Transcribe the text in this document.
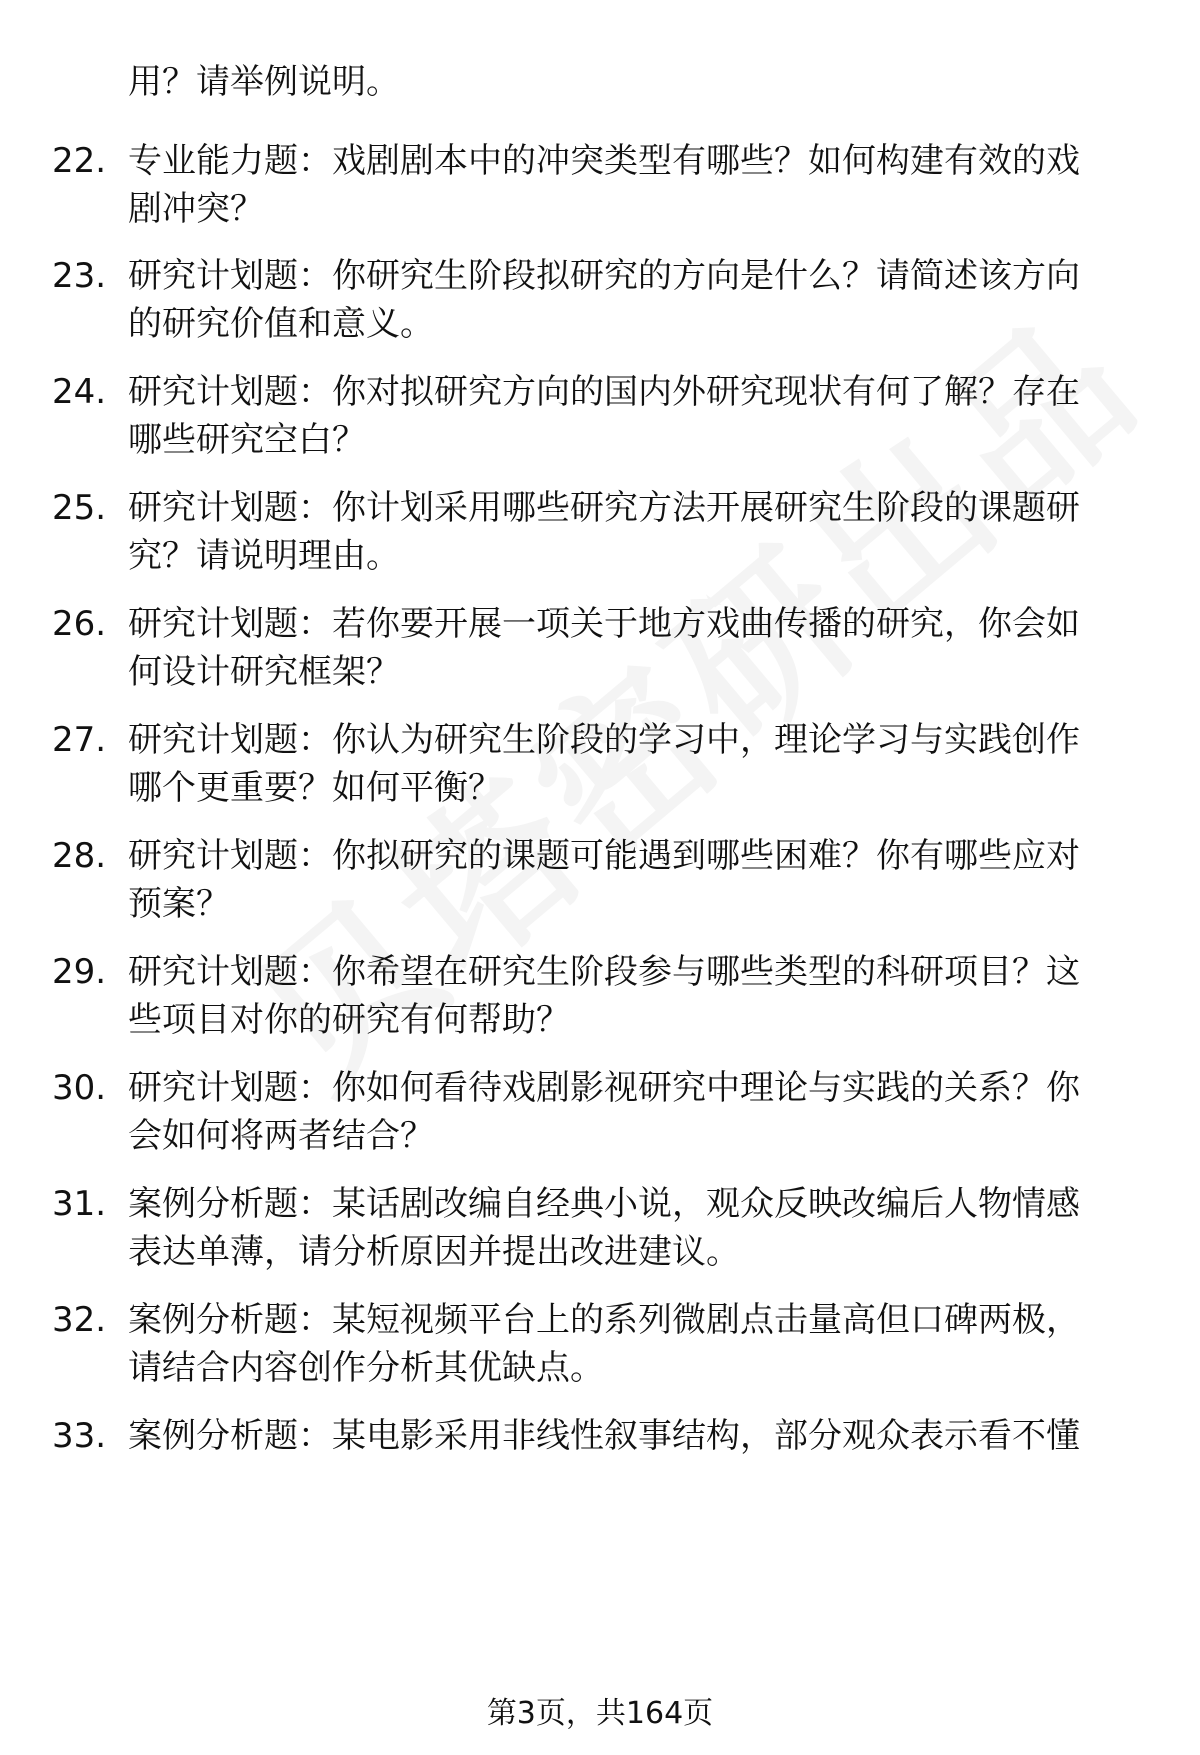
用？请举例说明。
22. 专业能力题：戏剧剧本中的冲突类型有哪些？如何构建有效的戏
剧冲突？
23. 研究计划题：你研究生阶段拟研究的方向是什么？请简述该方向
的研究价值和意义。
24. 研究计划题：你对拟研究方向的国内外研究现状有何了解？存在
哪些研究空白？
25. 研究计划题：你计划采用哪些研究方法开展研究生阶段的课题研
究？请说明理由。
26. 研究计划题：若你要开展一项关于地方戏曲传播的研究，你会如
何设计研究框架？
27. 研究计划题：你认为研究生阶段的学习中，理论学习与实践创作
哪个更重要？如何平衡？
28. 研究计划题：你拟研究的课题可能遇到哪些困难？你有哪些应对
预案？
29. 研究计划题：你希望在研究生阶段参与哪些类型的科研项目？这
些项目对你的研究有何帮助？
30. 研究计划题：你如何看待戏剧影视研究中理论与实践的关系？你
会如何将两者结合？
31. 案例分析题：某话剧改编自经典小说，观众反映改编后人物情感
表达单薄，请分析原因并提出改进建议。
32. 案例分析题：某短视频平台上的系列微剧点击量高但口碑两极，
请结合内容创作分析其优缺点。
33. 案例分析题：某电影采用非线性叙事结构，部分观众表示看不懂
第3页，共164页
